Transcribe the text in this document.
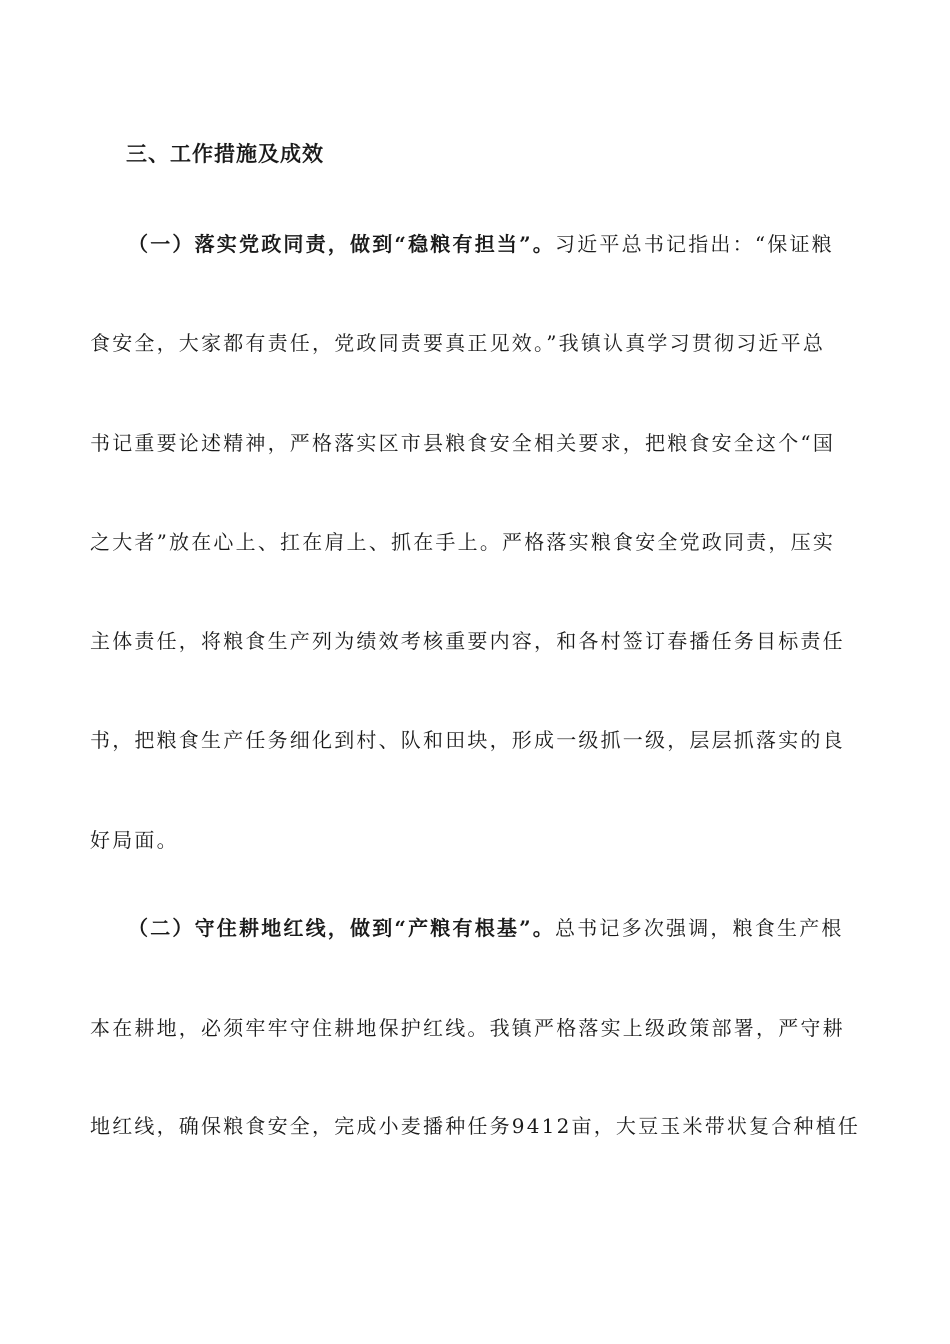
三、工作措施及成效
（一）落实党政同责，做到“稳粮有担当”。习近平总书记指出：“保证粮
食安全，大家都有责任，党政同责要真正见效。”我镇认真学习贯彻习近平总
书记重要论述精神，严格落实区市县粮食安全相关要求，把粮食安全这个“国
之大者”放在心上、扛在肩上、抓在手上。严格落实粮食安全党政同责，压实
主体责任，将粮食生产列为绩效考核重要内容，和各村签订春播任务目标责任
书，把粮食生产任务细化到村、队和田块，形成一级抓一级，层层抓落实的良
好局面。
（二）守住耕地红线，做到“产粮有根基”。总书记多次强调，粮食生产根
本在耕地，必须牢牢守住耕地保护红线。我镇严格落实上级政策部署，严守耕
地红线，确保粮食安全，完成小麦播种任务9412亩，大豆玉米带状复合种植任
